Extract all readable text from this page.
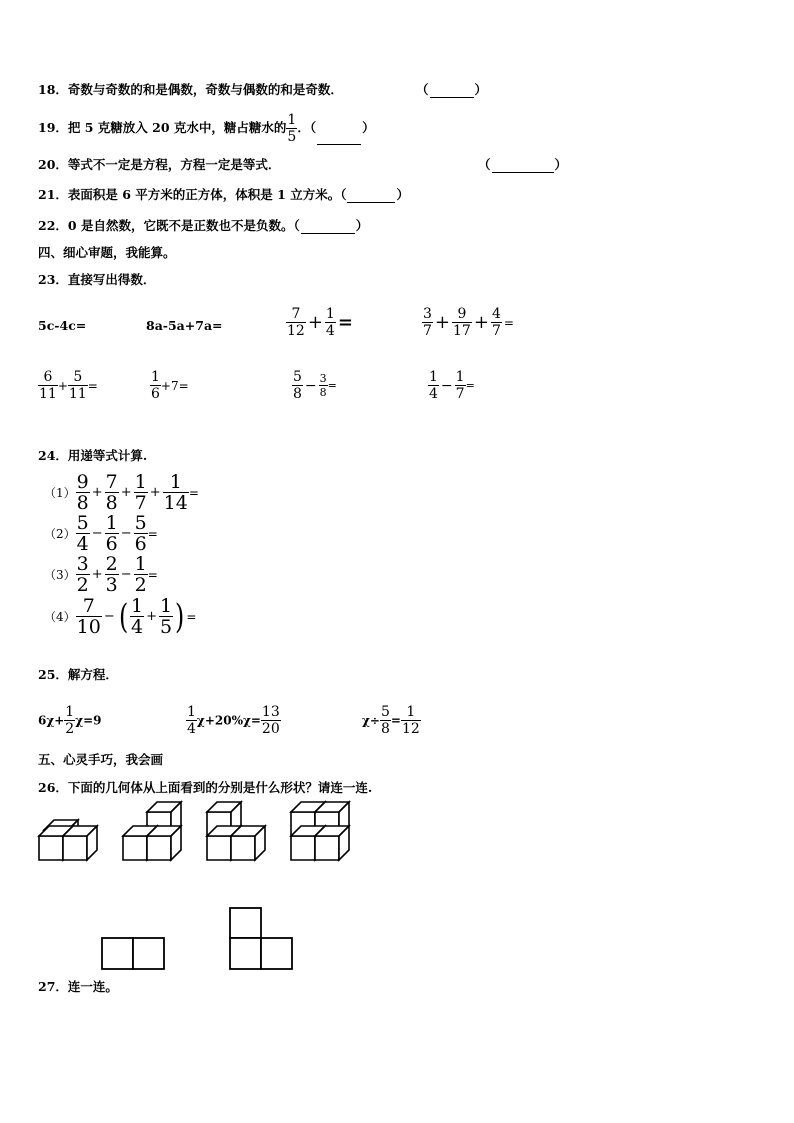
18．奇数与奇数的和是偶数，奇数与偶数的和是奇数．	（	）
19．把 5 克糖放入 20 克水中，糖占糖水的 $\frac{1}{5}$ ．（	）
20．等式不一定是方程，方程一定是等式．	（	）
21．表面积是 6 平方米的正方体，体积是 1 立方米。（	）
22．0 是自然数，它既不是正数也不是负数。（	）
四、细心审题，我能算。
23．直接写出得数．
5c-4c=	8a-5a+7a=	$\frac{7}{12} + \frac{1}{4}$ =	$\frac{3}{7} + \frac{9}{17} + \frac{4}{7}$ =
$\frac{6}{11} + \frac{5}{11}$ =	$\frac{1}{6} +7=$	$\frac{5}{8} - \frac{3}{8}$ =	$\frac{1}{4} - \frac{1}{7}$ =
24．用递等式计算.
$(1) \frac{9}{8} + \frac{7}{8} + \frac{1}{7} + \frac{1}{14}$ =
$(2) \frac{5}{4} - \frac{1}{6} - \frac{5}{6}$ =
$(3) \frac{3}{2} + \frac{2}{3} - \frac{1}{2}$ =
$(4) \frac{7}{10}$ − ( $\frac{1}{4} + \frac{1}{5}$ ) =
25．解方程．
$6\chi+ \frac{1}{2} \chi=9$	$\frac{1}{4} \chi+20\%\chi= \frac{13}{20}$	$\chi\div \frac{5}{8} = \frac{1}{12}$
五、心灵手巧，我会画
26．下面的几何体从上面看到的分别是什么形状？请连一连.
27．连一连。
